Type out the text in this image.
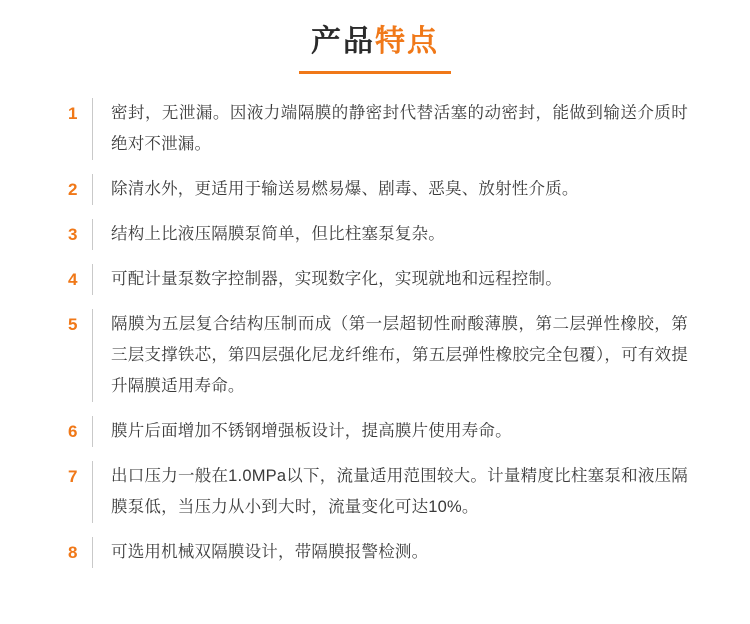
产品特点
1	密封，无泄漏。因液力端隔膜的静密封代替活塞的动密封，能做到输送介质时绝对不泄漏。
2	除清水外，更适用于输送易燃易爆、剧毒、恶臭、放射性介质。
3	结构上比液压隔膜泵简单，但比柱塞泵复杂。
4	可配计量泵数字控制器，实现数字化，实现就地和远程控制。
5	隔膜为五层复合结构压制而成（第一层超韧性耐酸薄膜，第二层弹性橡胶，第三层支撑铁芯，第四层强化尼龙纤维布，第五层弹性橡胶完全包覆），可有效提升隔膜适用寿命。
6	膜片后面增加不锈钢增强板设计，提高膜片使用寿命。
7	出口压力一般在1.0MPa以下，流量适用范围较大。计量精度比柱塞泵和液压隔膜泵低，当压力从小到大时，流量变化可达10%。
8	可选用机械双隔膜设计，带隔膜报警检测。
